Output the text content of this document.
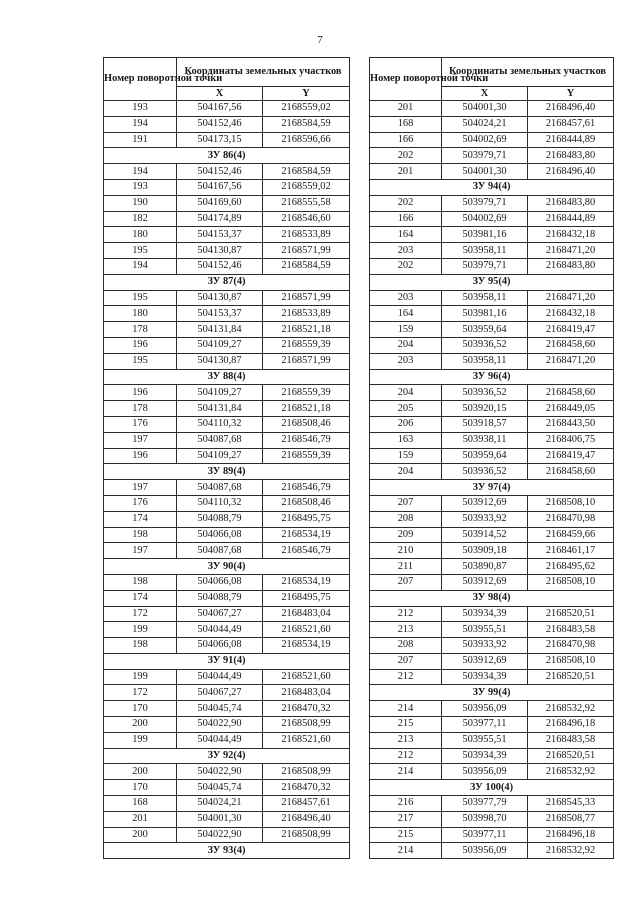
7
Номер поворотной точки	Координаты земельных участков	
	X	Y
193	504167,56	2168559,02
194	504152,46	2168584,59
191	504173,15	2168596,66
ЗУ 86(4)		
194	504152,46	2168584,59
193	504167,56	2168559,02
190	504169,60	2168555,58
182	504174,89	2168546,60
180	504153,37	2168533,89
195	504130,87	2168571,99
194	504152,46	2168584,59
ЗУ 87(4)		
195	504130,87	2168571,99
180	504153,37	2168533,89
178	504131,84	2168521,18
196	504109,27	2168559,39
195	504130,87	2168571,99
ЗУ 88(4)		
196	504109,27	2168559,39
178	504131,84	2168521,18
176	504110,32	2168508,46
197	504087,68	2168546,79
196	504109,27	2168559,39
ЗУ 89(4)		
197	504087,68	2168546,79
176	504110,32	2168508,46
174	504088,79	2168495,75
198	504066,08	2168534,19
197	504087,68	2168546,79
ЗУ 90(4)		
198	504066,08	2168534,19
174	504088,79	2168495,75
172	504067,27	2168483,04
199	504044,49	2168521,60
198	504066,08	2168534,19
ЗУ 91(4)		
199	504044,49	2168521,60
172	504067,27	2168483,04
170	504045,74	2168470,32
200	504022,90	2168508,99
199	504044,49	2168521,60
ЗУ 92(4)		
200	504022,90	2168508,99
170	504045,74	2168470,32
168	504024,21	2168457,61
201	504001,30	2168496,40
200	504022,90	2168508,99
ЗУ 93(4)		
Номер поворотной точки	Координаты земельных участков	
	X	Y
201	504001,30	2168496,40
168	504024,21	2168457,61
166	504002,69	2168444,89
202	503979,71	2168483,80
201	504001,30	2168496,40
ЗУ 94(4)		
202	503979,71	2168483,80
166	504002,69	2168444,89
164	503981,16	2168432,18
203	503958,11	2168471,20
202	503979,71	2168483,80
ЗУ 95(4)		
203	503958,11	2168471,20
164	503981,16	2168432,18
159	503959,64	2168419,47
204	503936,52	2168458,60
203	503958,11	2168471,20
ЗУ 96(4)		
204	503936,52	2168458,60
205	503920,15	2168449,05
206	503918,57	2168443,50
163	503938,11	2168406,75
159	503959,64	2168419,47
204	503936,52	2168458,60
ЗУ 97(4)		
207	503912,69	2168508,10
208	503933,92	2168470,98
209	503914,52	2168459,66
210	503909,18	2168461,17
211	503890,87	2168495,62
207	503912,69	2168508,10
ЗУ 98(4)		
212	503934,39	2168520,51
213	503955,51	2168483,58
208	503933,92	2168470,98
207	503912,69	2168508,10
212	503934,39	2168520,51
ЗУ 99(4)		
214	503956,09	2168532,92
215	503977,11	2168496,18
213	503955,51	2168483,58
212	503934,39	2168520,51
214	503956,09	2168532,92
ЗУ 100(4)		
216	503977,79	2168545,33
217	503998,70	2168508,77
215	503977,11	2168496,18
214	503956,09	2168532,92
